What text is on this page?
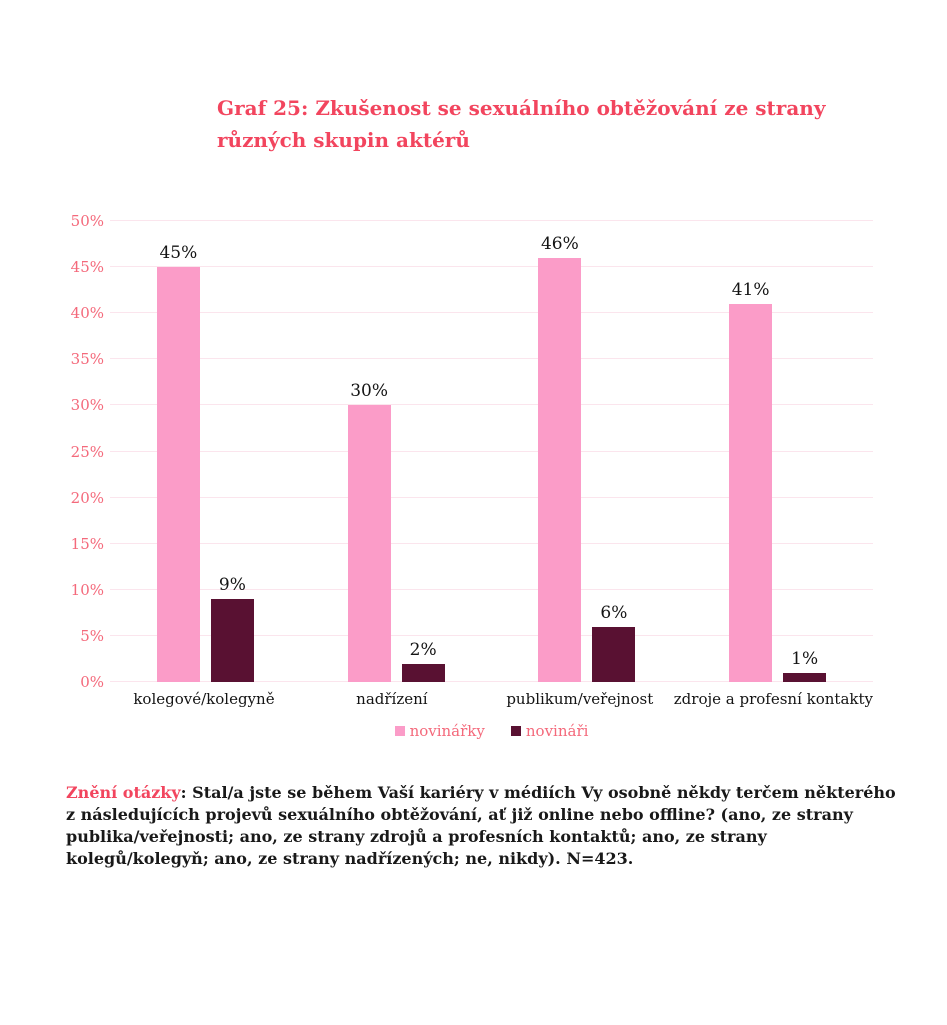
Graf 25: Zkušenost se sexuálního obtěžování ze strany různých skupin aktérů
0%
5%
10%
15%
20%
25%
30%
35%
40%
45%
50%
45%
9%
30%
2%
46%
6%
41%
1%
kolegové/kolegyně	nadřízení	publikum/veřejnost	zdroje a profesní kontakty
novinářky	novináři
Znění otázky: Stal/a jste se během Vaší kariéry v médiích Vy osobně někdy terčem některého z následujících projevů sexuálního obtěžování, ať již online nebo offline? (ano, ze strany publika/veřejnosti; ano, ze strany zdrojů a profesních kontaktů; ano, ze strany kolegů/kolegyň; ano, ze strany nadřízených; ne, nikdy). N=423.
